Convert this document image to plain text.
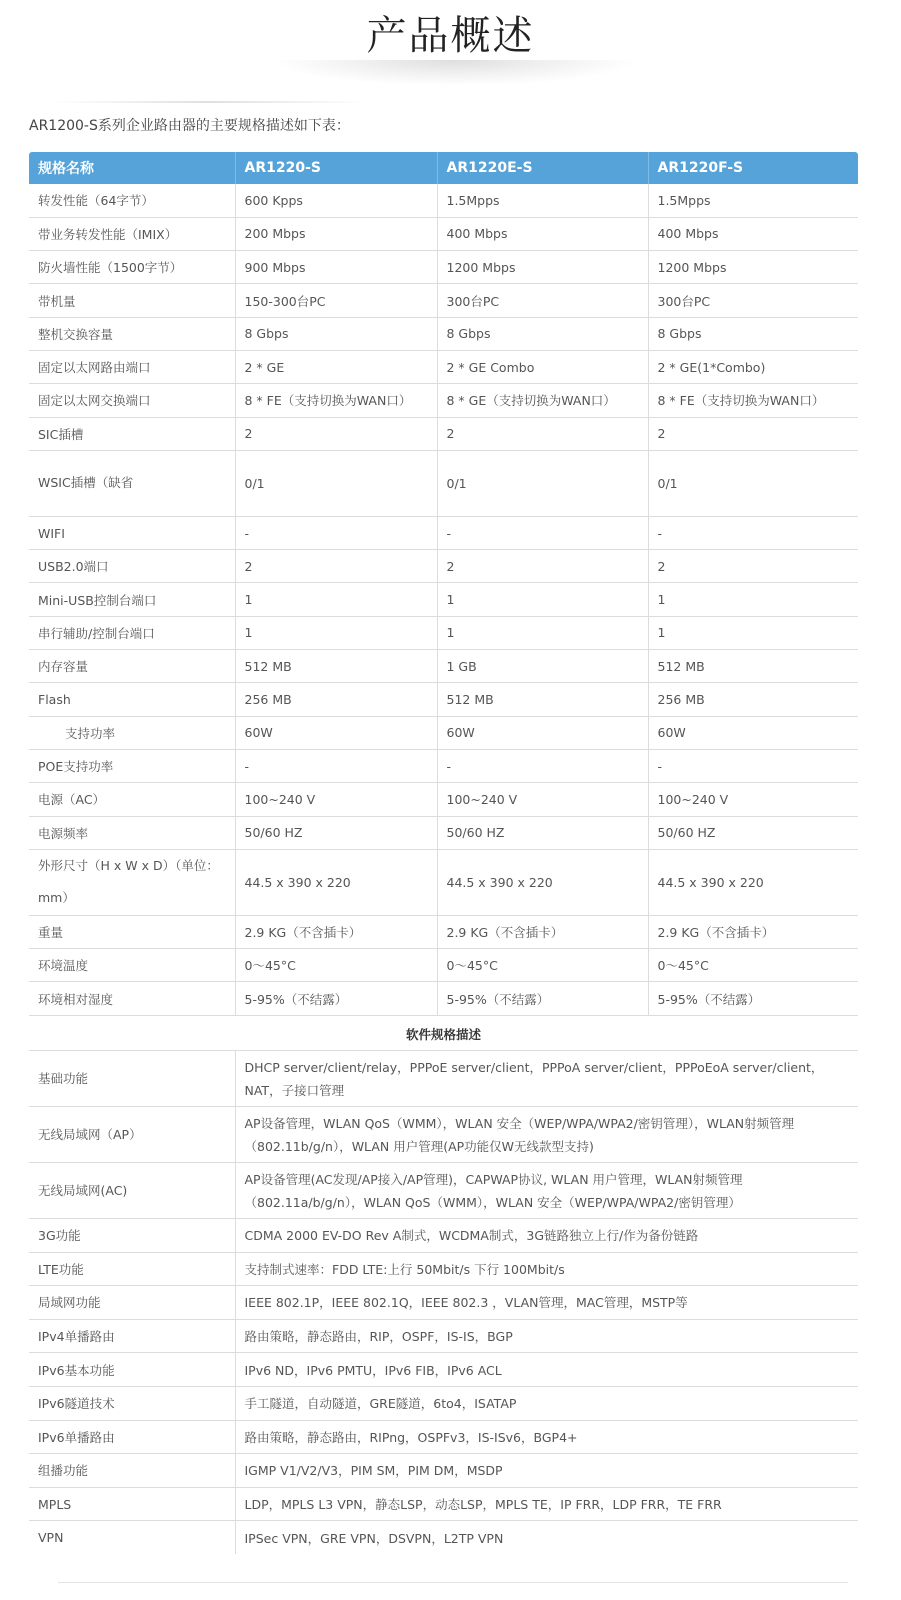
产品概述
AR1200-S系列企业路由器的主要规格描述如下表：
规格名称	AR1220-S	AR1220E-S	AR1220F-S
转发性能（64字节）	600 Kpps	1.5Mpps	1.5Mpps
带业务转发性能（IMIX）	200 Mbps	400 Mbps	400 Mbps
防火墙性能（1500字节）	900 Mbps	1200 Mbps	1200 Mbps
带机量	150-300台PC	300台PC	300台PC
整机交换容量	8 Gbps	8 Gbps	8 Gbps
固定以太网路由端口	2 * GE	2 * GE Combo	2 * GE(1*Combo)
固定以太网交换端口	8 * FE（支持切换为WAN口）	8 * GE（支持切换为WAN口）	8 * FE（支持切换为WAN口）
SIC插槽	2	2	2
WSIC插槽（缺省	0/1	0/1	0/1
WIFI	-	-	-
USB2.0端口	2	2	2
Mini-USB控制台端口	1	1	1
串行辅助/控制台端口	1	1	1
内存容量	512 MB	1 GB	512 MB
Flash	256 MB	512 MB	256 MB
支持功率	60W	60W	60W
POE支持功率	-	-	-
电源（AC）	100~240 V	100~240 V	100~240 V
电源频率	50/60 HZ	50/60 HZ	50/60 HZ
外形尺寸（H x W x D）（单位：mm）	44.5 x 390 x 220	44.5 x 390 x 220	44.5 x 390 x 220
重量	2.9 KG（不含插卡）	2.9 KG（不含插卡）	2.9 KG（不含插卡）
环境温度	0～45°C	0～45°C	0～45°C
环境相对湿度	5-95%（不结露）	5-95%（不结露）	5-95%（不结露）
软件规格描述	
基础功能	DHCP server/client/relay，PPPoE server/client，PPPoA server/client，PPPoEoA server/client，NAT，子接口管理
无线局域网（AP）	AP设备管理，WLAN QoS（WMM），WLAN 安全（WEP/WPA/WPA2/密钥管理），WLAN射频管理（802.11b/g/n），WLAN 用户管理(AP功能仅W无线款型支持)
无线局域网(AC)	AP设备管理(AC发现/AP接入/AP管理)，CAPWAP协议, WLAN 用户管理，WLAN射频管理（802.11a/b/g/n），WLAN QoS（WMM），WLAN 安全（WEP/WPA/WPA2/密钥管理）
3G功能	CDMA 2000 EV-DO Rev A制式，WCDMA制式，3G链路独立上行/作为备份链路
LTE功能	支持制式速率：FDD LTE:上行 50Mbit/s 下行 100Mbit/s
局域网功能	IEEE 802.1P，IEEE 802.1Q，IEEE 802.3 ，VLAN管理，MAC管理，MSTP等
IPv4单播路由	路由策略，静态路由，RIP，OSPF，IS-IS，BGP
IPv6基本功能	IPv6 ND，IPv6 PMTU，IPv6 FIB，IPv6 ACL
IPv6隧道技术	手工隧道，自动隧道，GRE隧道，6to4，ISATAP
IPv6单播路由	路由策略，静态路由，RIPng，OSPFv3，IS-ISv6，BGP4+
组播功能	IGMP V1/V2/V3，PIM SM，PIM DM，MSDP
MPLS	LDP，MPLS L3 VPN，静态LSP，动态LSP，MPLS TE，IP FRR，LDP FRR，TE FRR
VPN	IPSec VPN，GRE VPN，DSVPN，L2TP VPN
